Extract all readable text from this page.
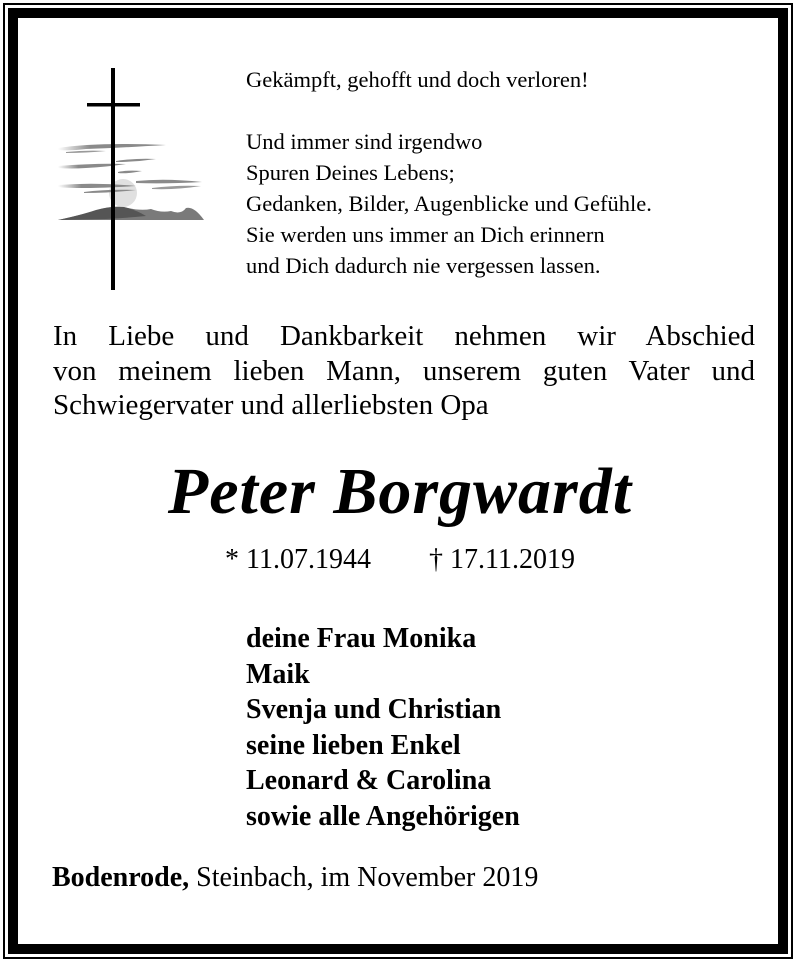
Gekämpft, gehofft und doch verloren!
Und immer sind irgendwo
Spuren Deines Lebens;
Gedanken, Bilder, Augenblicke und Gefühle.
Sie werden uns immer an Dich erinnern
und Dich dadurch nie vergessen lassen.
In Liebe und Dankbarkeit nehmen wir Abschied
von meinem lieben Mann, unserem guten Vater und
Schwiegervater und allerliebsten Opa
Peter Borgwardt
* 11.07.1944 † 17.11.2019
deine Frau Monika
Maik
Svenja und Christian
seine lieben Enkel
Leonard & Carolina
sowie alle Angehörigen
Bodenrode, Steinbach, im November 2019
